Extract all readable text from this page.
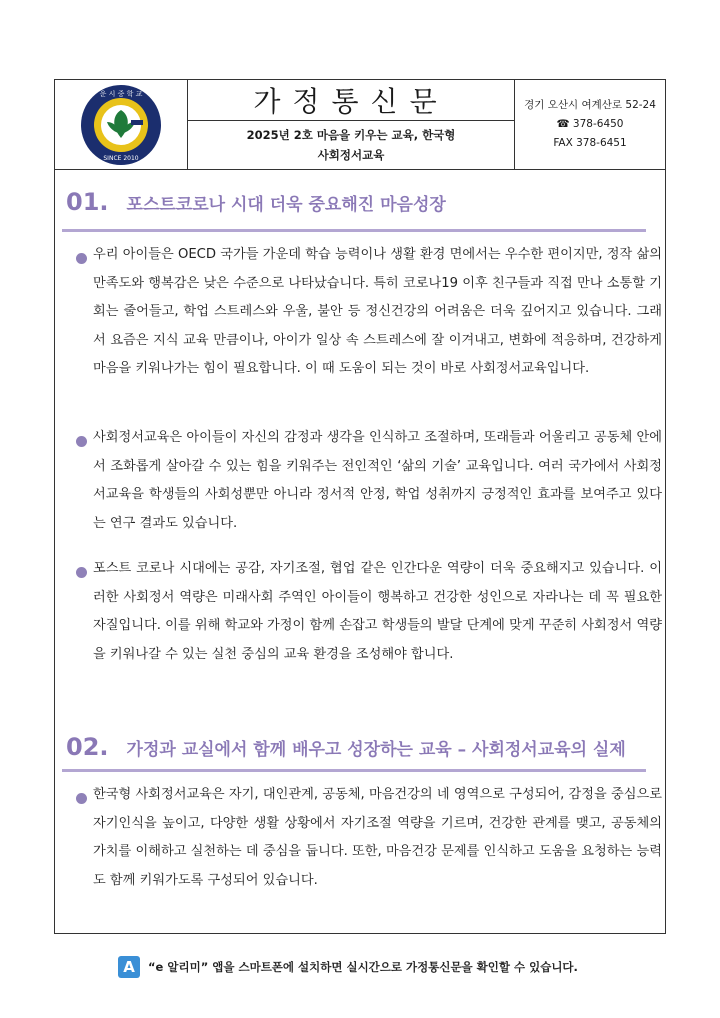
운 시 중 학 교
SINCE 2010
가정통신문
2025년 2호 마음을 키우는 교육, 한국형
사회정서교육
경기 오산시 여계산로 52-24
☎ 378-6450
FAX 378-6451
01. 포스트코로나 시대 더욱 중요해진 마음성장
우리 아이들은 OECD 국가들 가운데 학습 능력이나 생활 환경 면에서는 우수한 편이지만, 정작 삶의 만족도와 행복감은 낮은 수준으로 나타났습니다. 특히 코로나19 이후 친구들과 직접 만나 소통할 기회는 줄어들고, 학업 스트레스와 우울, 불안 등 정신건강의 어려움은 더욱 깊어지고 있습니다. 그래서 요즘은 지식 교육 만큼이나, 아이가 일상 속 스트레스에 잘 이겨내고, 변화에 적응하며, 건강하게 마음을 키워나가는 힘이 필요합니다. 이 때 도움이 되는 것이 바로 사회정서교육입니다.
사회정서교육은 아이들이 자신의 감정과 생각을 인식하고 조절하며, 또래들과 어울리고 공동체 안에서 조화롭게 살아갈 수 있는 힘을 키워주는 전인적인 ‘삶의 기술’ 교육입니다. 여러 국가에서 사회정서교육을 학생들의 사회성뿐만 아니라 정서적 안정, 학업 성취까지 긍정적인 효과를 보여주고 있다는 연구 결과도 있습니다.
포스트 코로나 시대에는 공감, 자기조절, 협업 같은 인간다운 역량이 더욱 중요해지고 있습니다. 이러한 사회정서 역량은 미래사회 주역인 아이들이 행복하고 건강한 성인으로 자라나는 데 꼭 필요한 자질입니다. 이를 위해 학교와 가정이 함께 손잡고 학생들의 발달 단계에 맞게 꾸준히 사회정서 역량을 키워나갈 수 있는 실천 중심의 교육 환경을 조성해야 합니다.
02. 가정과 교실에서 함께 배우고 성장하는 교육 – 사회정서교육의 실제
한국형 사회정서교육은 자기, 대인관계, 공동체, 마음건강의 네 영역으로 구성되어, 감정을 중심으로 자기인식을 높이고, 다양한 생활 상황에서 자기조절 역량을 기르며, 건강한 관계를 맺고, 공동체의 가치를 이해하고 실천하는 데 중심을 둡니다. 또한, 마음건강 문제를 인식하고 도움을 요청하는 능력도 함께 키워가도록 구성되어 있습니다.
A	“e 알리미” 앱을 스마트폰에 설치하면 실시간으로 가정통신문을 확인할 수 있습니다.
